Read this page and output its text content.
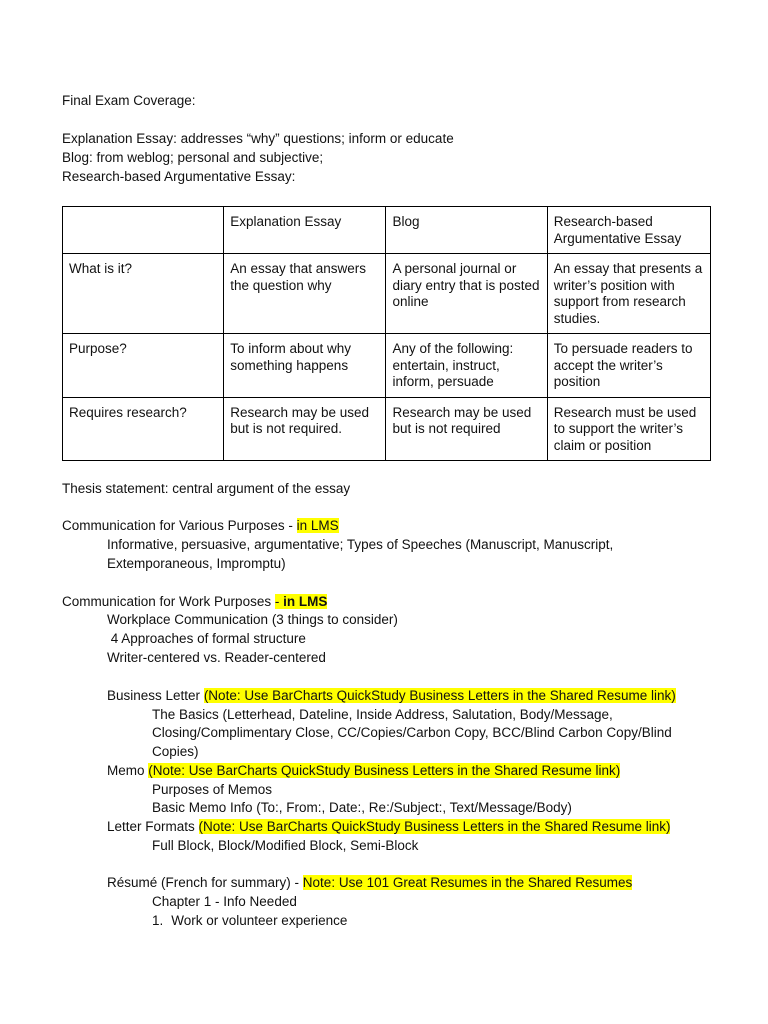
Final Exam Coverage:
Explanation Essay: addresses “why” questions; inform or educate
Blog: from weblog; personal and subjective;
Research-based Argumentative Essay:
	Explanation Essay	Blog	Research-based Argumentative Essay
What is it?	An essay that answers the question why	A personal journal or diary entry that is posted online	An essay that presents a writer’s position with support from research studies.
Purpose?	To inform about why something happens	Any of the following: entertain, instruct, inform, persuade	To persuade readers to accept the writer’s position
Requires research?	Research may be used but is not required.	Research may be used but is not required	Research must be used to support the writer’s claim or position
Thesis statement: central argument of the essay
Communication for Various Purposes - in LMS
Informative, persuasive, argumentative; Types of Speeches (Manuscript, Manuscript,
Extemporaneous, Impromptu)
Communication for Work Purposes - in LMS
Workplace Communication (3 things to consider)
4 Approaches of formal structure
Writer-centered vs. Reader-centered
Business Letter (Note: Use BarCharts QuickStudy Business Letters in the Shared Resume link)
The Basics (Letterhead, Dateline, Inside Address, Salutation, Body/Message,
Closing/Complimentary Close, CC/Copies/Carbon Copy, BCC/Blind Carbon Copy/Blind
Copies)
Memo (Note: Use BarCharts QuickStudy Business Letters in the Shared Resume link)
Purposes of Memos
Basic Memo Info (To:, From:, Date:, Re:/Subject:, Text/Message/Body)
Letter Formats (Note: Use BarCharts QuickStudy Business Letters in the Shared Resume link)
Full Block, Block/Modified Block, Semi-Block
Résumé (French for summary) - Note: Use 101 Great Resumes in the Shared Resumes
Chapter 1 - Info Needed
1. Work or volunteer experience
